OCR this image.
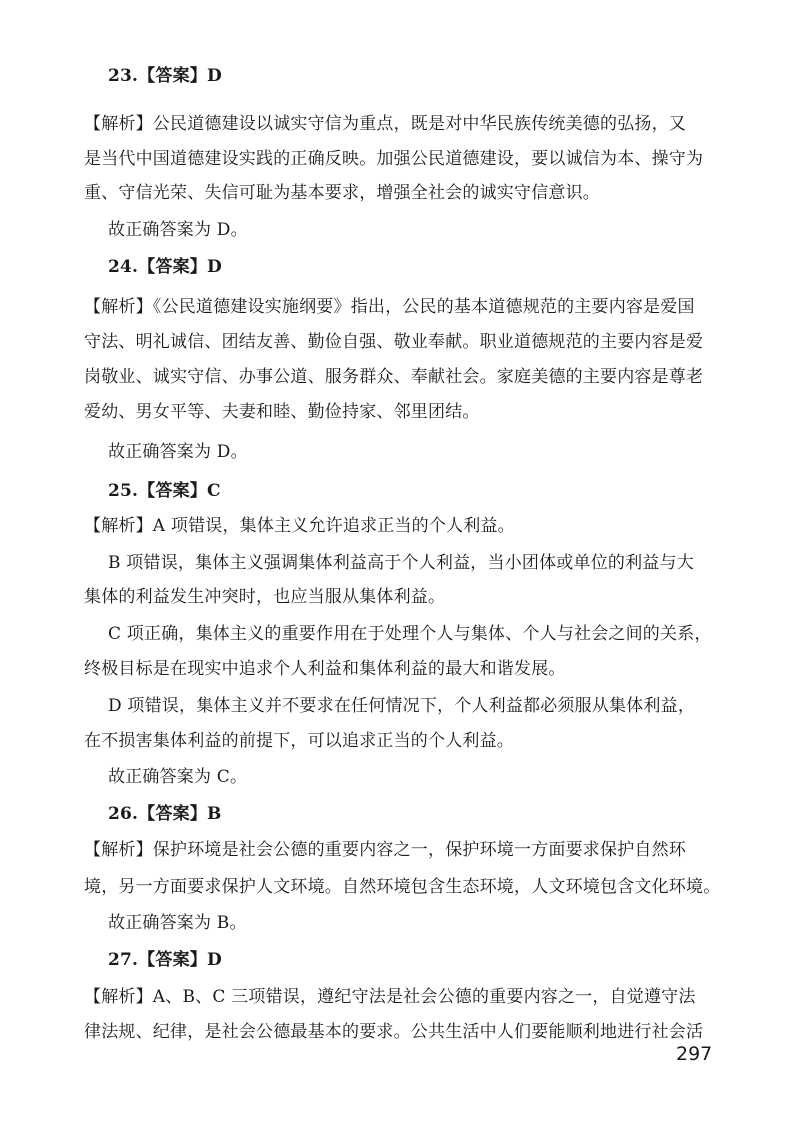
23.【答案】D
【解析】公民道德建设以诚实守信为重点，既是对中华民族传统美德的弘扬，又
是当代中国道德建设实践的正确反映。加强公民道德建设，要以诚信为本、操守为
重、守信光荣、失信可耻为基本要求，增强全社会的诚实守信意识。
故正确答案为 D。
24.【答案】D
【解析】《公民道德建设实施纲要》指出，公民的基本道德规范的主要内容是爱国
守法、明礼诚信、团结友善、勤俭自强、敬业奉献。职业道德规范的主要内容是爱
岗敬业、诚实守信、办事公道、服务群众、奉献社会。家庭美德的主要内容是尊老
爱幼、男女平等、夫妻和睦、勤俭持家、邻里团结。
故正确答案为 D。
25.【答案】C
【解析】A 项错误，集体主义允许追求正当的个人利益。
B 项错误，集体主义强调集体利益高于个人利益，当小团体或单位的利益与大
集体的利益发生冲突时，也应当服从集体利益。
C 项正确，集体主义的重要作用在于处理个人与集体、个人与社会之间的关系，
终极目标是在现实中追求个人利益和集体利益的最大和谐发展。
D 项错误，集体主义并不要求在任何情况下，个人利益都必须服从集体利益，
在不损害集体利益的前提下，可以追求正当的个人利益。
故正确答案为 C。
26.【答案】B
【解析】保护环境是社会公德的重要内容之一，保护环境一方面要求保护自然环
境，另一方面要求保护人文环境。自然环境包含生态环境，人文环境包含文化环境。
故正确答案为 B。
27.【答案】D
【解析】A、B、C 三项错误，遵纪守法是社会公德的重要内容之一，自觉遵守法
律法规、纪律，是社会公德最基本的要求。公共生活中人们要能顺利地进行社会活
297
